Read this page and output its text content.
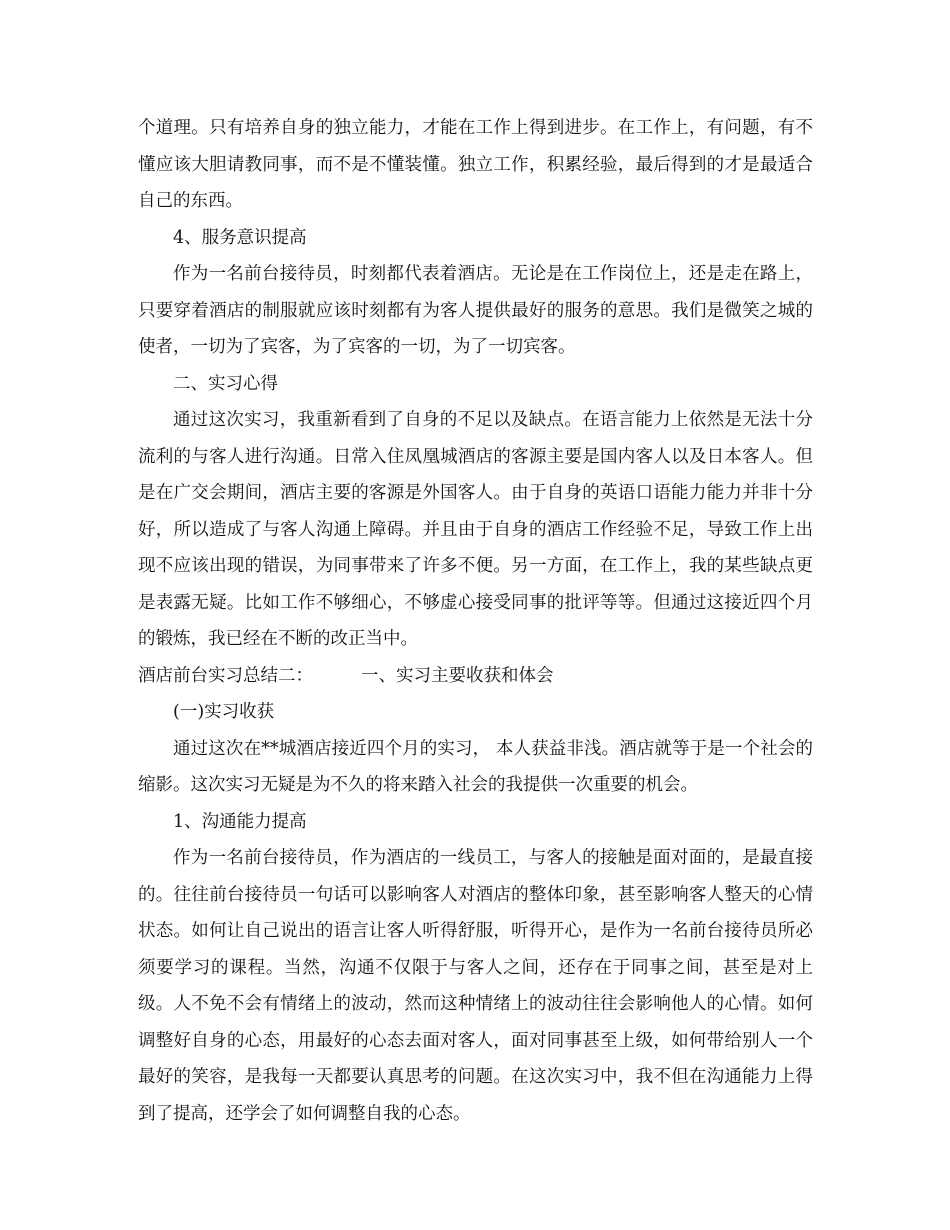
个道理。只有培养自身的独立能力，才能在工作上得到进步。在工作上，有问题，有不懂应该大胆请教同事，而不是不懂装懂。独立工作，积累经验，最后得到的才是最适合自己的东西。

4、服务意识提高

作为一名前台接待员，时刻都代表着酒店。无论是在工作岗位上，还是走在路上，只要穿着酒店的制服就应该时刻都有为客人提供最好的服务的意思。我们是微笑之城的使者，一切为了宾客，为了宾客的一切，为了一切宾客。

二、实习心得

通过这次实习，我重新看到了自身的不足以及缺点。在语言能力上依然是无法十分流利的与客人进行沟通。日常入住凤凰城酒店的客源主要是国内客人以及日本客人。但是在广交会期间，酒店主要的客源是外国客人。由于自身的英语口语能力能力并非十分好，所以造成了与客人沟通上障碍。并且由于自身的酒店工作经验不足，导致工作上出现不应该出现的错误，为同事带来了许多不便。另一方面，在工作上，我的某些缺点更是表露无疑。比如工作不够细心，不够虚心接受同事的批评等等。但通过这接近四个月的锻炼，我已经在不断的改正当中。

酒店前台实习总结二：	一、实习主要收获和体会

(一)实习收获

通过这次在**城酒店接近四个月的实习， 本人获益非浅。酒店就等于是一个社会的缩影。这次实习无疑是为不久的将来踏入社会的我提供一次重要的机会。

1、沟通能力提高

作为一名前台接待员，作为酒店的一线员工，与客人的接触是面对面的，是最直接的。往往前台接待员一句话可以影响客人对酒店的整体印象，甚至影响客人整天的心情状态。如何让自己说出的语言让客人听得舒服，听得开心，是作为一名前台接待员所必须要学习的课程。当然，沟通不仅限于与客人之间，还存在于同事之间，甚至是对上级。人不免不会有情绪上的波动，然而这种情绪上的波动往往会影响他人的心情。如何调整好自身的心态，用最好的心态去面对客人，面对同事甚至上级，如何带给别人一个最好的笑容，是我每一天都要认真思考的问题。在这次实习中，我不但在沟通能力上得到了提高，还学会了如何调整自我的心态。
